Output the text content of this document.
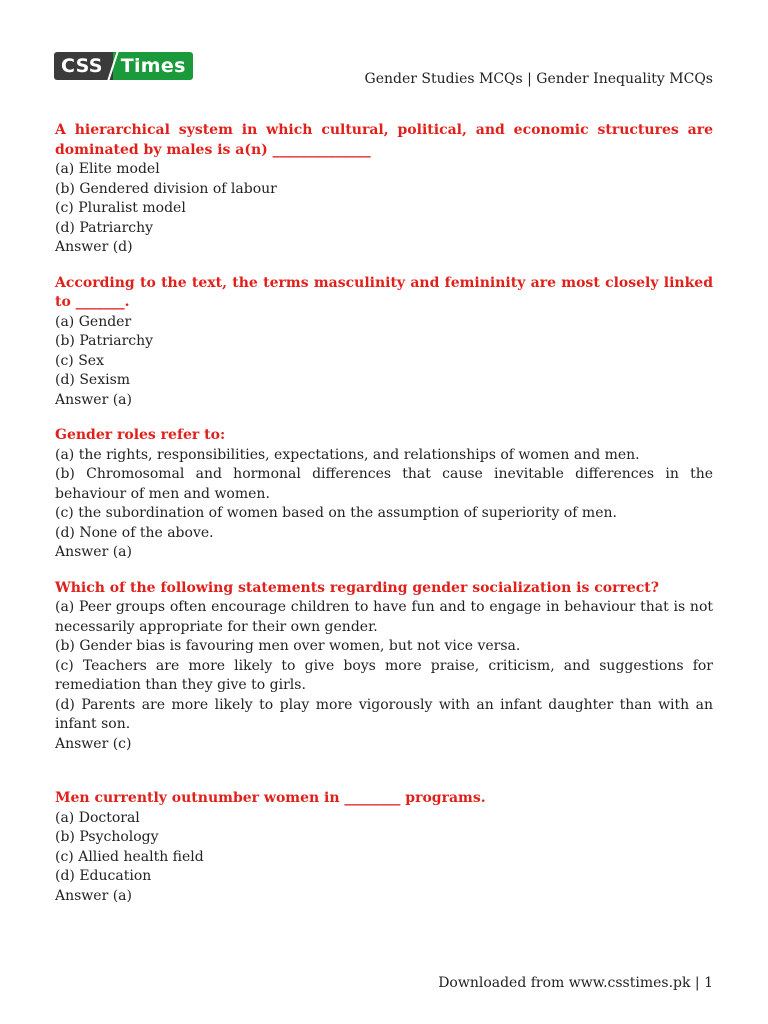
CSS Times
Gender Studies MCQs | Gender Inequality MCQs
A hierarchical system in which cultural, political, and economic structures are dominated by males is a(n) ______________
(a) Elite model
(b) Gendered division of labour
(c) Pluralist model
(d) Patriarchy
Answer (d)
According to the text, the terms masculinity and femininity are most closely linked to _______.
(a) Gender
(b) Patriarchy
(c) Sex
(d) Sexism
Answer (a)
Gender roles refer to:
(a) the rights, responsibilities, expectations, and relationships of women and men.
(b) Chromosomal and hormonal differences that cause inevitable differences in the behaviour of men and women.
(c) the subordination of women based on the assumption of superiority of men.
(d) None of the above.
Answer (a)
Which of the following statements regarding gender socialization is correct?
(a) Peer groups often encourage children to have fun and to engage in behaviour that is not necessarily appropriate for their own gender.
(b) Gender bias is favouring men over women, but not vice versa.
(c) Teachers are more likely to give boys more praise, criticism, and suggestions for remediation than they give to girls.
(d) Parents are more likely to play more vigorously with an infant daughter than with an infant son.
Answer (c)
Men currently outnumber women in ________ programs.
(a) Doctoral
(b) Psychology
(c) Allied health field
(d) Education
Answer (a)
Downloaded from www.csstimes.pk | 1
